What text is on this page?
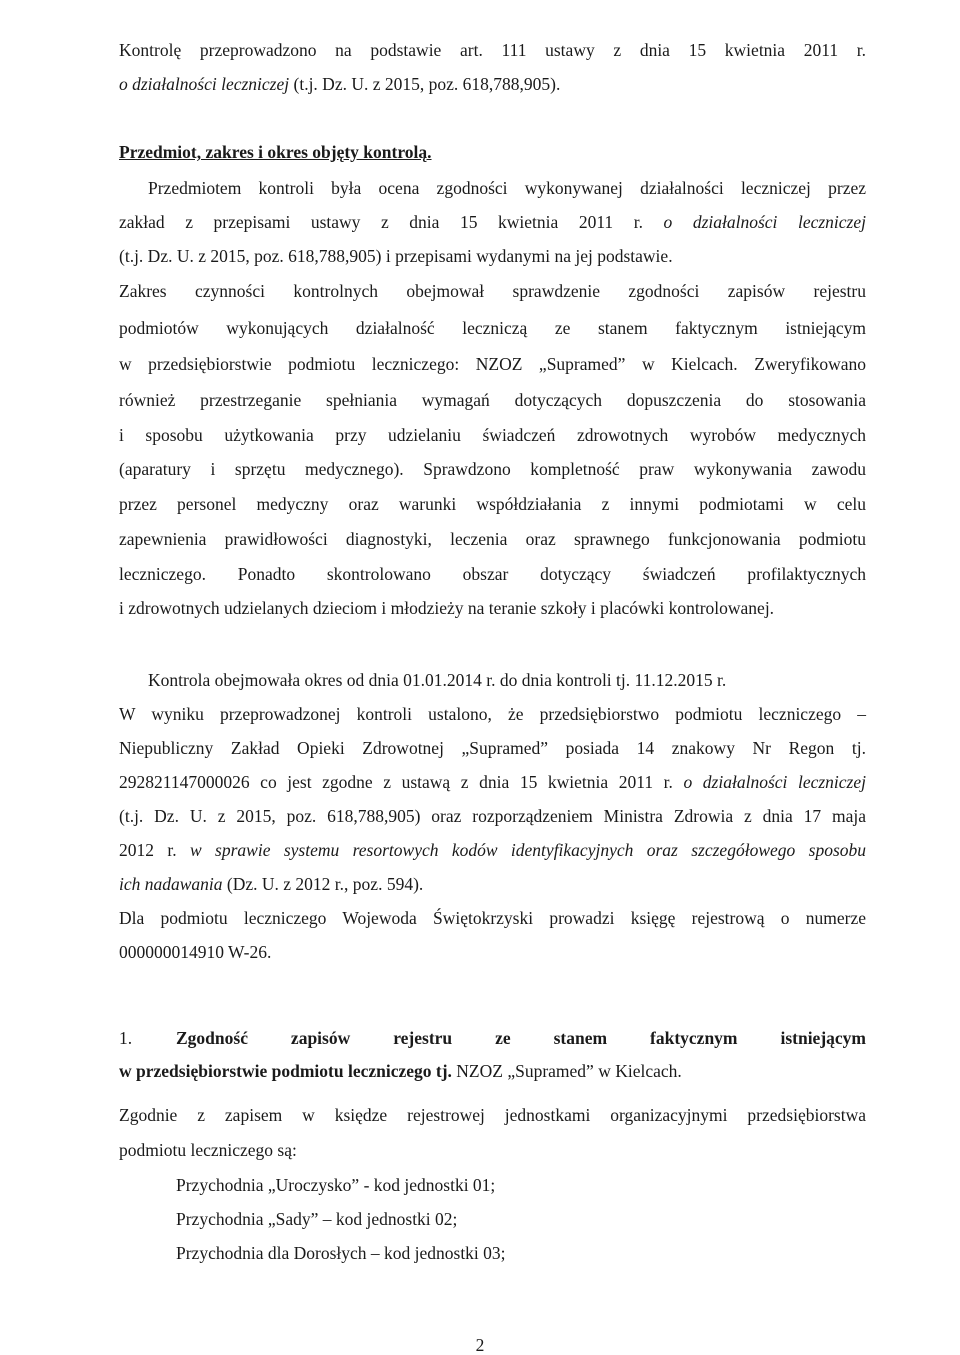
Kontrolę przeprowadzono na podstawie art. 111 ustawy z dnia 15 kwietnia 2011 r.
o działalności leczniczej (t.j. Dz. U. z 2015, poz. 618,788,905).
Przedmiot, zakres i okres objęty kontrolą.
Przedmiotem kontroli była ocena zgodności wykonywanej działalności leczniczej przez
zakład z przepisami ustawy z dnia 15 kwietnia 2011 r. o działalności leczniczej
(t.j. Dz. U. z 2015, poz. 618,788,905) i przepisami wydanymi na jej podstawie.
Zakres czynności kontrolnych obejmował sprawdzenie zgodności zapisów rejestru
podmiotów wykonujących działalność leczniczą ze stanem faktycznym istniejącym
w przedsiębiorstwie podmiotu leczniczego: NZOZ „Supramed” w Kielcach. Zweryfikowano
również przestrzeganie spełniania wymagań dotyczących dopuszczenia do stosowania
i sposobu użytkowania przy udzielaniu świadczeń zdrowotnych wyrobów medycznych
(aparatury i sprzętu medycznego). Sprawdzono kompletność praw wykonywania zawodu
przez personel medyczny oraz warunki współdziałania z innymi podmiotami w celu
zapewnienia prawidłowości diagnostyki, leczenia oraz sprawnego funkcjonowania podmiotu
leczniczego. Ponadto skontrolowano obszar dotyczący świadczeń profilaktycznych
i zdrowotnych udzielanych dzieciom i młodzieży na teranie szkoły i placówki kontrolowanej.
Kontrola obejmowała okres od dnia 01.01.2014 r. do dnia kontroli tj. 11.12.2015 r.
W wyniku przeprowadzonej kontroli ustalono, że przedsiębiorstwo podmiotu leczniczego –
Niepubliczny Zakład Opieki Zdrowotnej „Supramed” posiada 14 znakowy Nr Regon tj.
292821147000026 co jest zgodne z ustawą z dnia 15 kwietnia 2011 r. o działalności leczniczej
(t.j. Dz. U. z 2015, poz. 618,788,905) oraz rozporządzeniem Ministra Zdrowia z dnia 17 maja
2012 r. w sprawie systemu resortowych kodów identyfikacyjnych oraz szczegółowego sposobu
ich nadawania (Dz. U. z 2012 r., poz. 594).
Dla podmiotu leczniczego Wojewoda Świętokrzyski prowadzi księgę rejestrową o numerze
000000014910 W-26.
1.	Zgodność zapisów rejestru ze stanem faktycznym istniejącym
w przedsiębiorstwie podmiotu leczniczego tj. NZOZ „Supramed” w Kielcach.
Zgodnie z zapisem w księdze rejestrowej jednostkami organizacyjnymi przedsiębiorstwa
podmiotu leczniczego są:
Przychodnia „Uroczysko” - kod jednostki 01;
Przychodnia „Sady” – kod jednostki 02;
Przychodnia dla Dorosłych – kod jednostki 03;
2
